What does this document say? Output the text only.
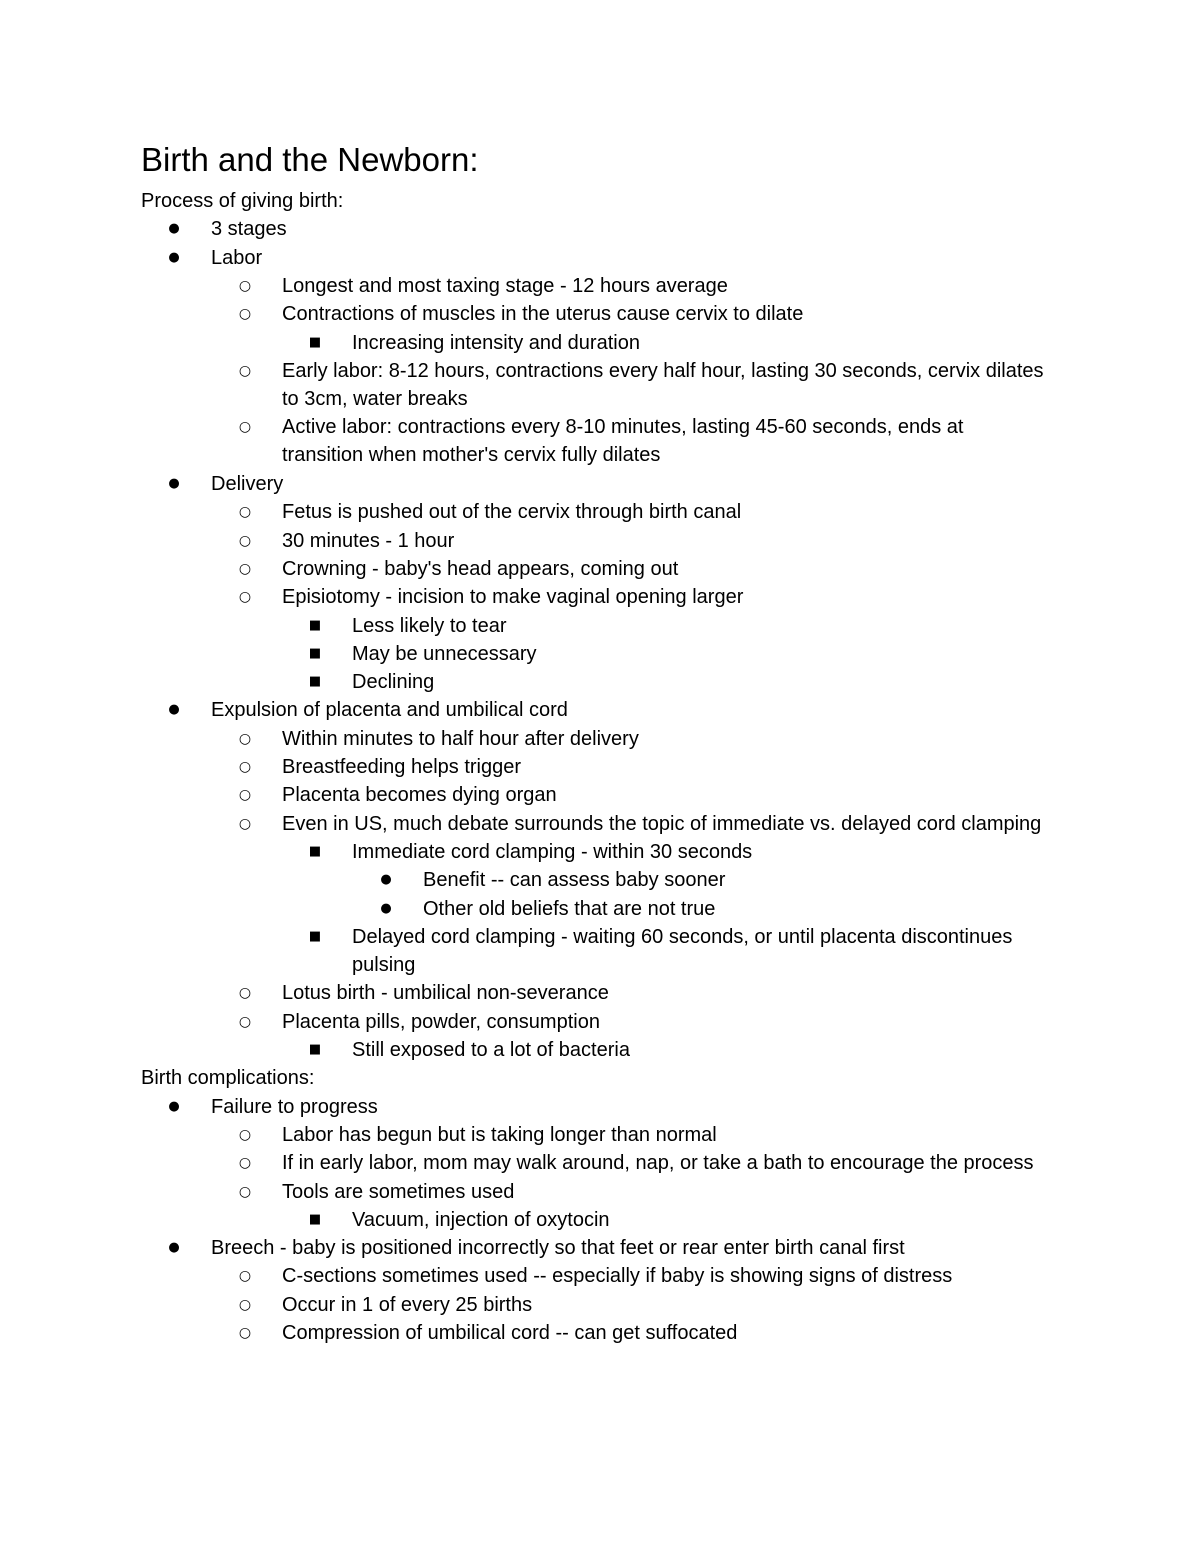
Birth and the Newborn:
Process of giving birth:
● 3 stages
● Labor
○ Longest and most taxing stage - 12 hours average
○ Contractions of muscles in the uterus cause cervix to dilate
■ Increasing intensity and duration
○ Early labor: 8-12 hours, contractions every half hour, lasting 30 seconds, cervix dilates to 3cm, water breaks
○ Active labor: contractions every 8-10 minutes, lasting 45-60 seconds, ends at transition when mother's cervix fully dilates
● Delivery
○ Fetus is pushed out of the cervix through birth canal
○ 30 minutes - 1 hour
○ Crowning - baby's head appears, coming out
○ Episiotomy - incision to make vaginal opening larger
■ Less likely to tear
■ May be unnecessary
■ Declining
● Expulsion of placenta and umbilical cord
○ Within minutes to half hour after delivery
○ Breastfeeding helps trigger
○ Placenta becomes dying organ
○ Even in US, much debate surrounds the topic of immediate vs. delayed cord clamping
■ Immediate cord clamping - within 30 seconds
● Benefit -- can assess baby sooner
● Other old beliefs that are not true
■ Delayed cord clamping - waiting 60 seconds, or until placenta discontinues pulsing
○ Lotus birth - umbilical non-severance
○ Placenta pills, powder, consumption
■ Still exposed to a lot of bacteria
Birth complications:
● Failure to progress
○ Labor has begun but is taking longer than normal
○ If in early labor, mom may walk around, nap, or take a bath to encourage the process
○ Tools are sometimes used
■ Vacuum, injection of oxytocin
● Breech - baby is positioned incorrectly so that feet or rear enter birth canal first
○ C-sections sometimes used -- especially if baby is showing signs of distress
○ Occur in 1 of every 25 births
○ Compression of umbilical cord -- can get suffocated
